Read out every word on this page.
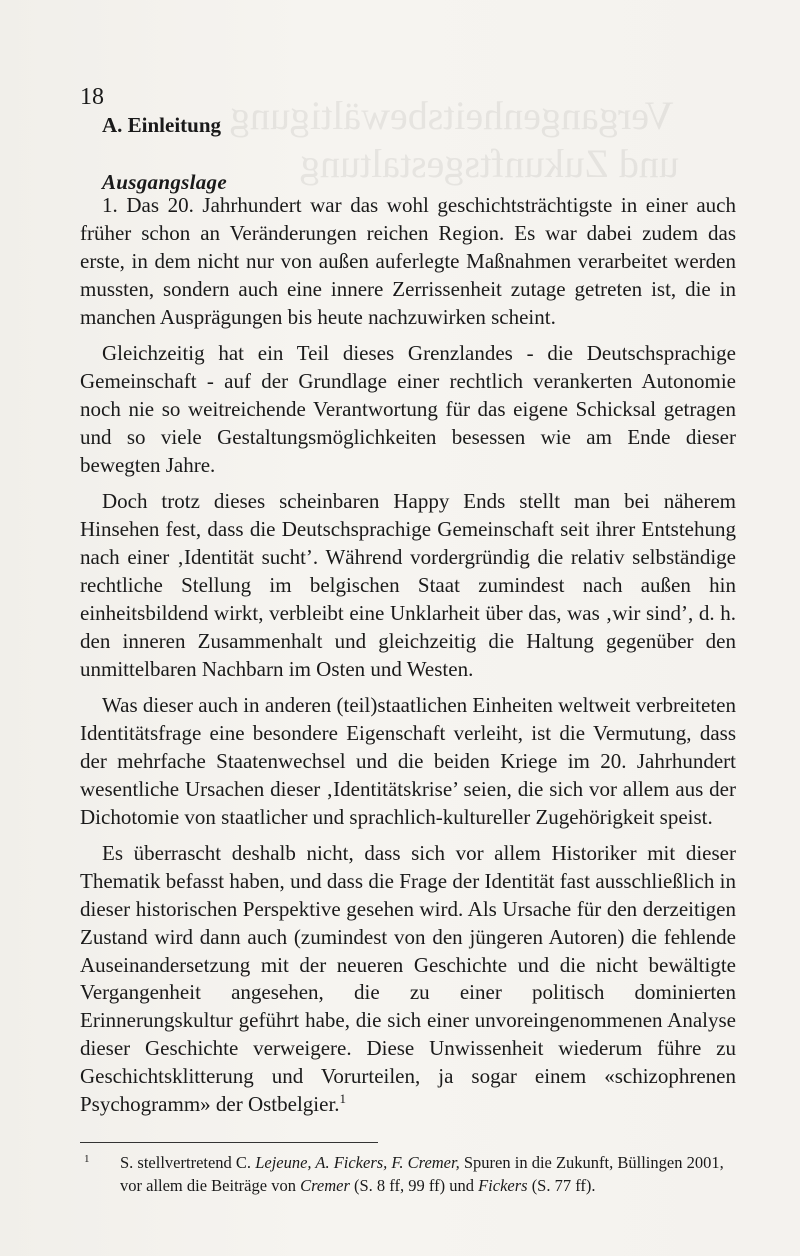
Vergangenheitsbewältigung
und Zukunftsgestaltung
18
A. Einleitung
Ausgangslage

1. Das 20. Jahrhundert war das wohl geschichtsträchtigste in einer auch früher schon an Veränderungen reichen Region. Es war dabei zudem das erste, in dem nicht nur von außen auferlegte Maßnahmen verarbeitet werden mussten, sondern auch eine innere Zerrissenheit zutage getreten ist, die in manchen Ausprägungen bis heute nachzuwirken scheint.

Gleichzeitig hat ein Teil dieses Grenzlandes - die Deutschsprachige Gemeinschaft - auf der Grundlage einer rechtlich verankerten Autonomie noch nie so weitreichende Verantwortung für das eigene Schicksal getragen und so viele Gestaltungsmöglichkeiten besessen wie am Ende dieser bewegten Jahre.

Doch trotz dieses scheinbaren Happy Ends stellt man bei näherem Hinsehen fest, dass die Deutschsprachige Gemeinschaft seit ihrer Entstehung nach einer ‚Identität sucht’. Während vordergründig die relativ selbständige rechtliche Stellung im belgischen Staat zumindest nach außen hin einheitsbildend wirkt, verbleibt eine Unklarheit über das, was ‚wir sind’, d. h. den inneren Zusammenhalt und gleichzeitig die Haltung gegenüber den unmittelbaren Nachbarn im Osten und Westen.

Was dieser auch in anderen (teil)staatlichen Einheiten weltweit verbreiteten Identitätsfrage eine besondere Eigenschaft verleiht, ist die Vermutung, dass der mehrfache Staatenwechsel und die beiden Kriege im 20. Jahrhundert wesentliche Ursachen dieser ‚Identitätskrise’ seien, die sich vor allem aus der Dichotomie von staatlicher und sprachlich-kultureller Zugehörigkeit speist.

Es überrascht deshalb nicht, dass sich vor allem Historiker mit dieser Thematik befasst haben, und dass die Frage der Identität fast ausschließlich in dieser historischen Perspektive gesehen wird. Als Ursache für den derzeitigen Zustand wird dann auch (zumindest von den jüngeren Autoren) die fehlende Auseinandersetzung mit der neueren Geschichte und die nicht bewältigte Vergangenheit angesehen, die zu einer politisch dominierten Erinnerungskultur geführt habe, die sich einer unvoreingenommenen Analyse dieser Geschichte verweigere. Diese Unwissenheit wiederum führe zu Geschichtsklitterung und Vorurteilen, ja sogar einem «schizophrenen Psychogramm» der Ostbelgier.$^1$

1 S. stellvertretend C. Lejeune, A. Fickers, F. Cremer, Spuren in die Zukunft, Büllingen 2001, vor allem die Beiträge von Cremer (S. 8 ff, 99 ff) und Fickers (S. 77 ff).
